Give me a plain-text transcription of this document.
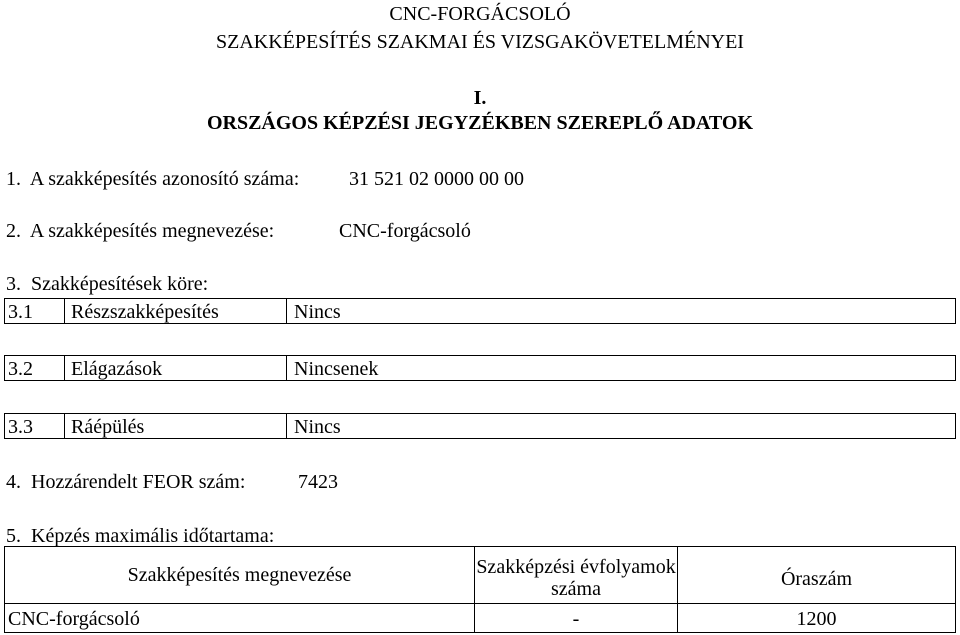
CNC-FORGÁCSOLÓ
SZAKKÉPESÍTÉS SZAKMAI ÉS VIZSGAKÖVETELMÉNYEI
I.
ORSZÁGOS KÉPZÉSI JEGYZÉKBEN SZEREPLŐ ADATOK
1.  A szakképesítés azonosító száma: 31 521 02 0000 00 00
2.  A szakképesítés megnevezése:	CNC-forgácsoló
3.  Szakképesítések köre:
3.1	Részszakképesítés	Nincs
3.2	Elágazások	Nincsenek
3.3	Ráépülés	Nincs
4.  Hozzárendelt FEOR szám:	7423
5.  Képzés maximális időtartama:
Szakképesítés megnevezése	Szakképzési évfolyamok száma	Óraszám
CNC-forgácsoló	-	1200
